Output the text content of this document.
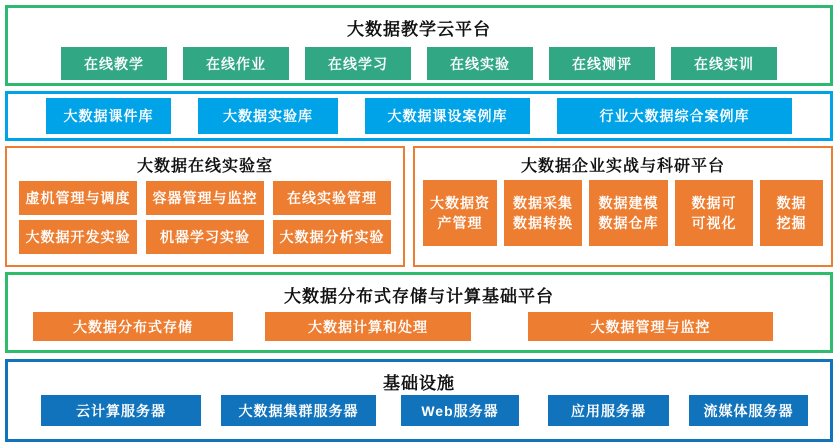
大数据教学云平台
在线教学	在线作业	在线学习	在线实验	在线测评	在线实训
大数据课件库	大数据实验库	大数据课设案例库	行业大数据综合案例库
大数据在线实验室
虚机管理与调度	容器管理与监控	在线实验管理
大数据开发实验	机器学习实验	大数据分析实验
大数据企业实战与科研平台
大数据资
产管理
数据采集
数据转换
数据建模
数据仓库
数据可
可视化
数据
挖掘
大数据分布式存储与计算基础平台
大数据分布式存储	大数据计算和处理	大数据管理与监控
基础设施
云计算服务器	大数据集群服务器	Web服务器	应用服务器	流媒体服务器
